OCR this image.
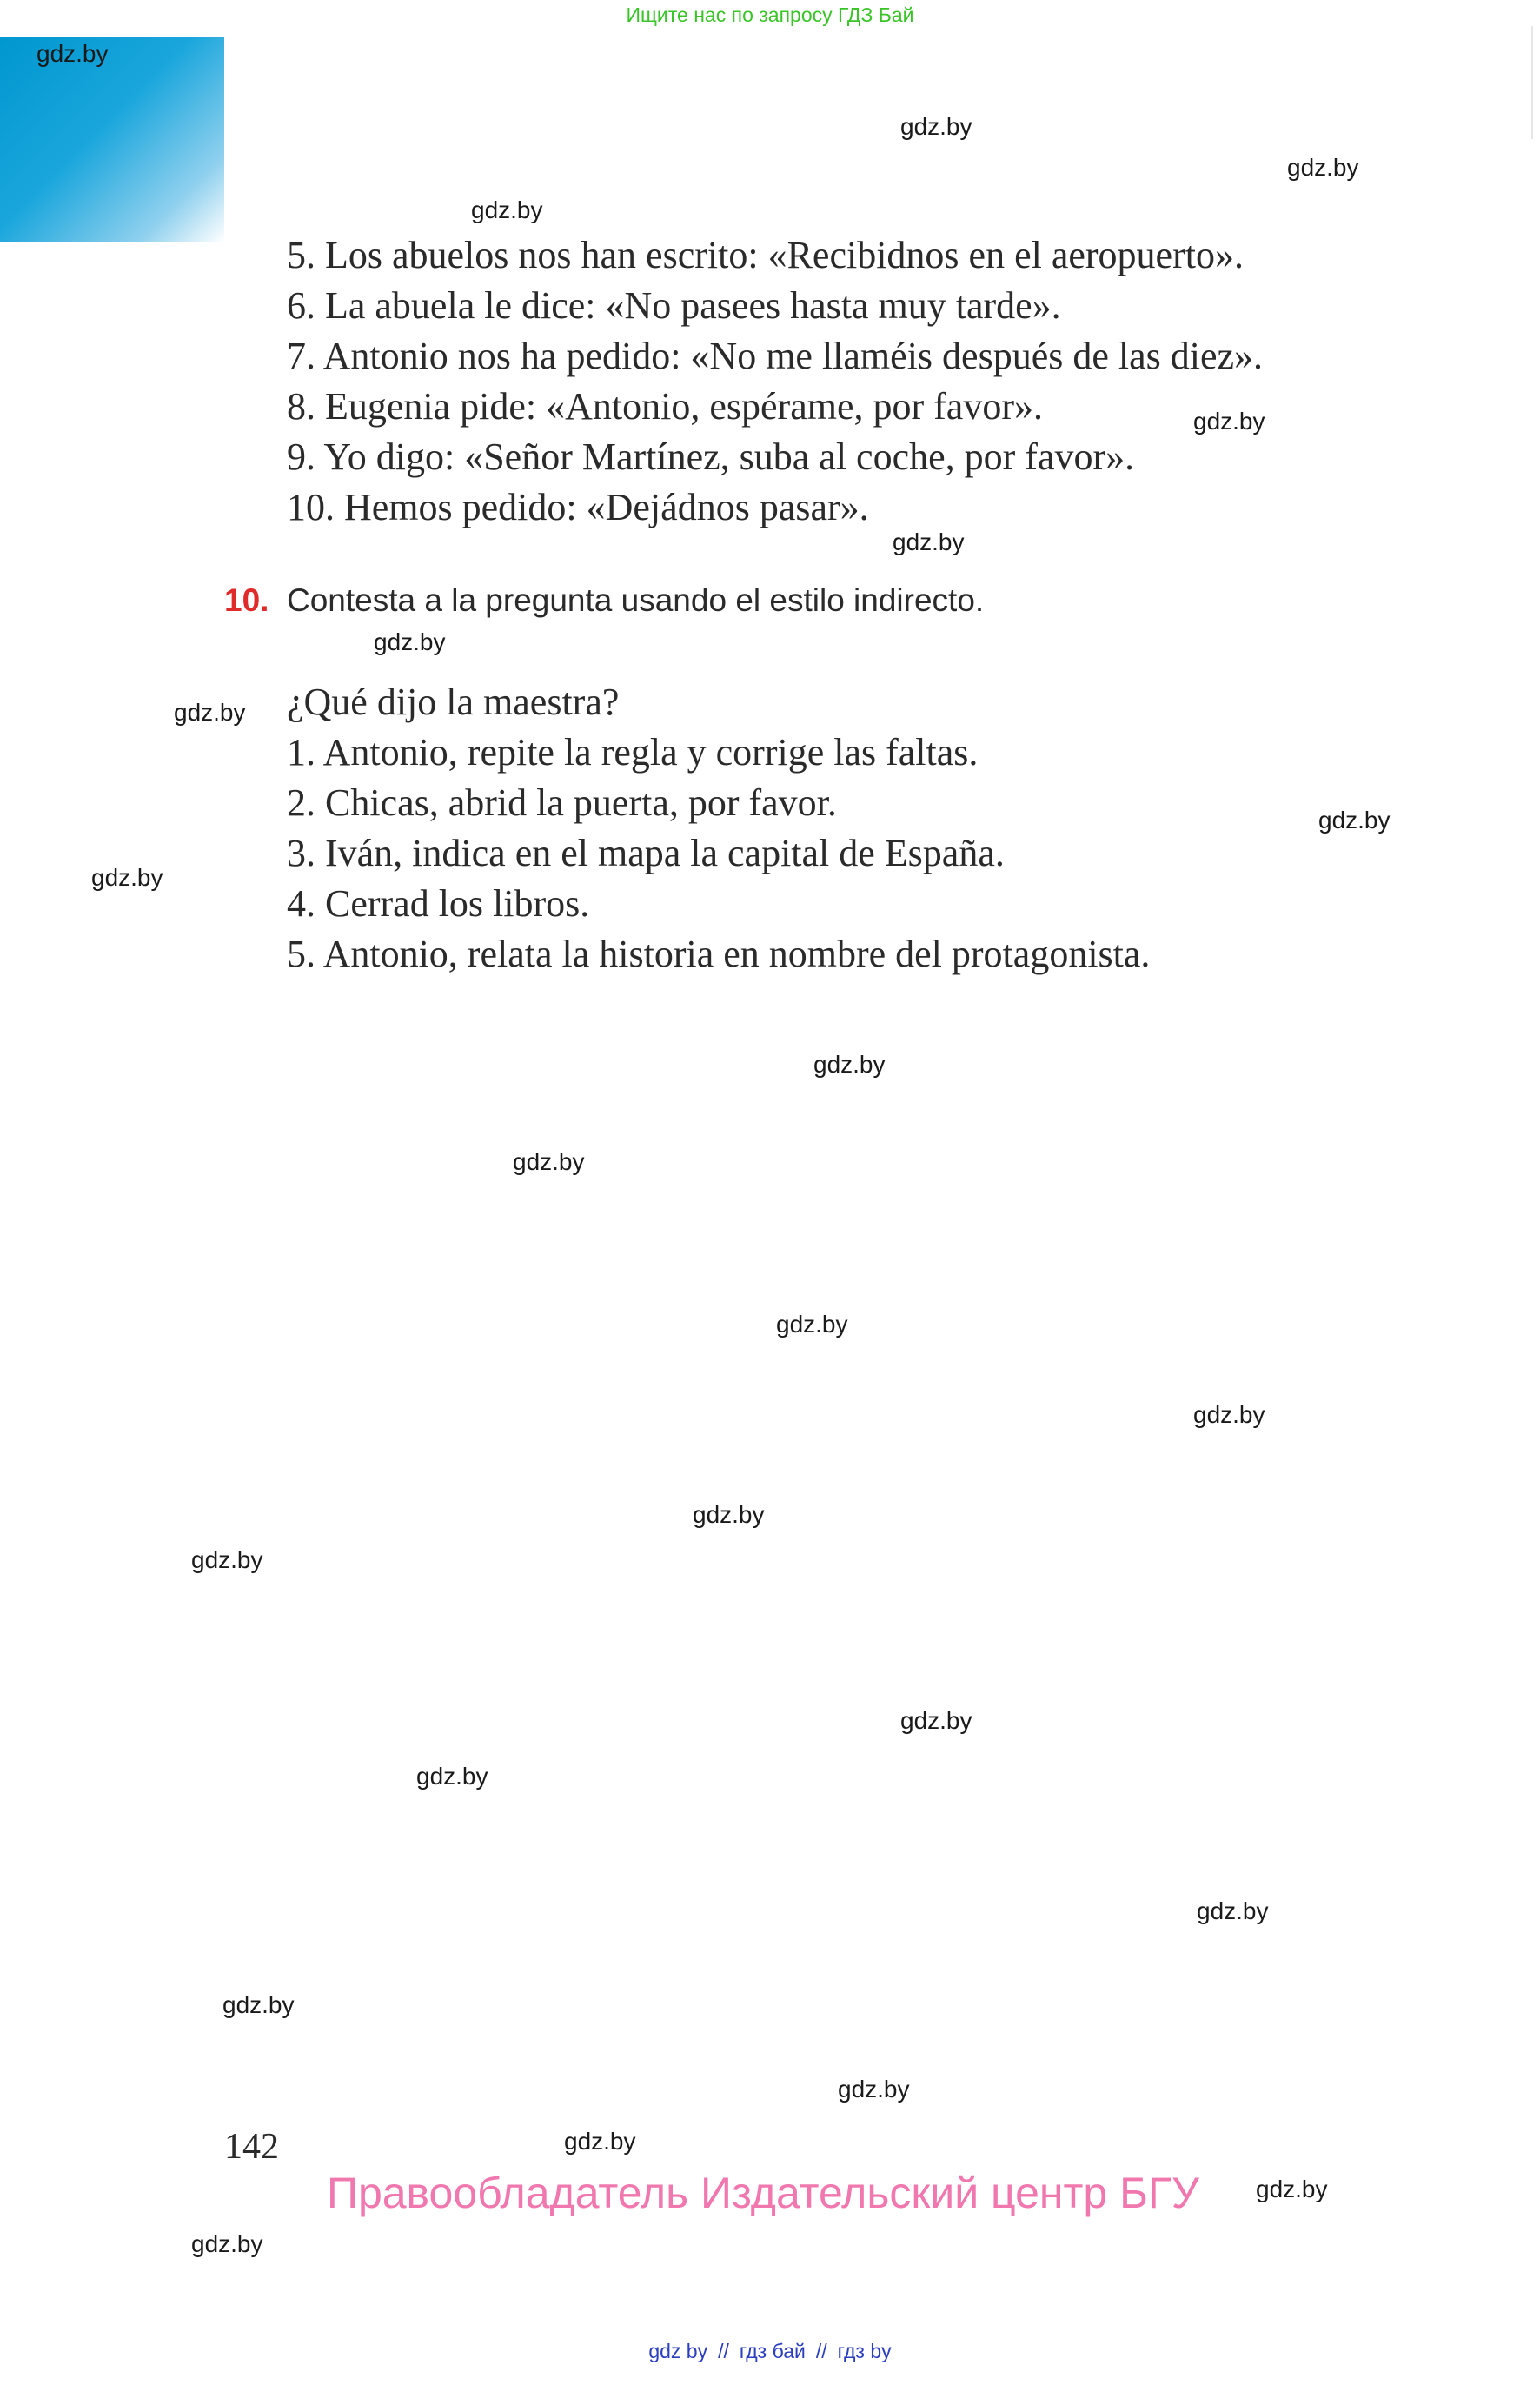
Ищите нас по запросу ГДЗ Бай
gdz.by
gdz.by
gdz.by
gdz.by
gdz.by
gdz.by
gdz.by
gdz.by
gdz.by
gdz.by
gdz.by
gdz.by
gdz.by
gdz.by
gdz.by
gdz.by
gdz.by
gdz.by
gdz.by
gdz.by
gdz.by
gdz.by
gdz.by
gdz.by
5. Los abuelos nos han escrito: «Recibidnos en el aeropuerto».
6. La abuela le dice: «No pasees hasta muy tarde».
7. Antonio nos ha pedido: «No me llaméis después de las diez».
8. Eugenia pide: «Antonio, espérame, por favor».
9. Yo digo: «Señor Martínez, suba al coche, por favor».
10. Hemos pedido: «Dejádnos pasar».
10. Contesta a la pregunta usando el estilo indirecto.
¿Qué dijo la maestra?
1. Antonio, repite la regla y corrige las faltas.
2. Chicas, abrid la puerta, por favor.
3. Iván, indica en el mapa la capital de España.
4. Cerrad los libros.
5. Antonio, relata la historia en nombre del protagonista.
142
Правообладатель Издательский центр БГУ
gdz by // гдз бай // гдз by
